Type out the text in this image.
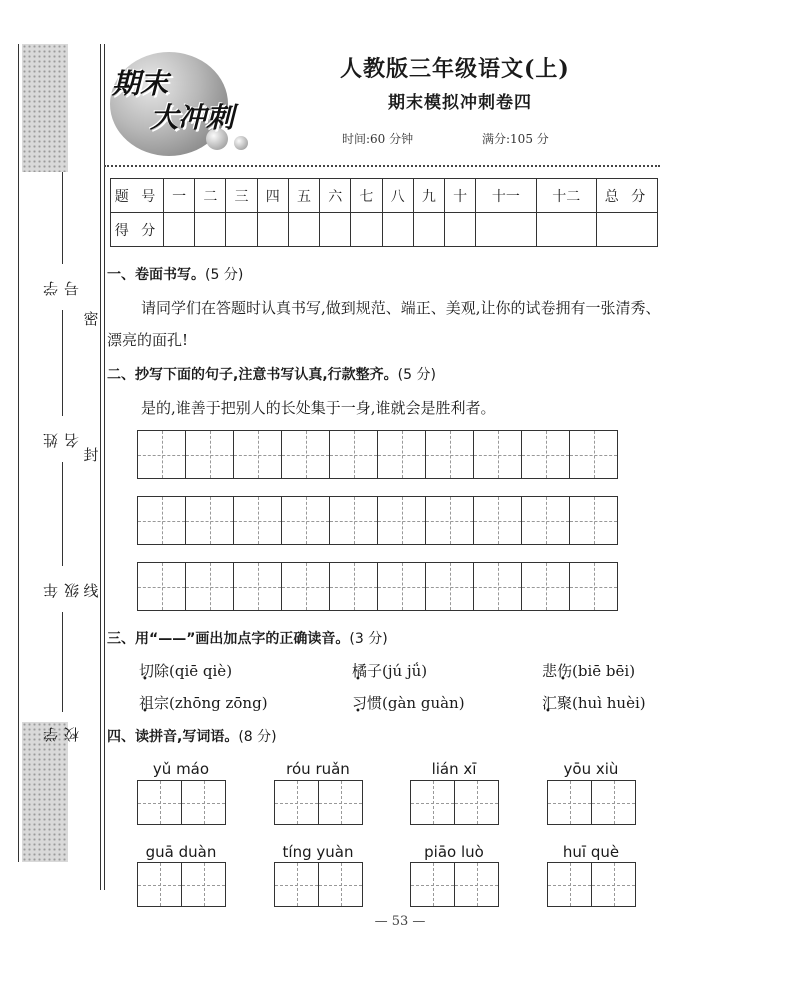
学号
姓名
年级
学校
密
封
线
期末
大冲刺
人教版三年级语文(上)
期末模拟冲刺卷四
时间:60 分钟	满分:105 分
题 号	一	二	三	四	五	六	七	八	九	十	十一	十二	总 分
得 分													
一、卷面书写。(5 分)
请同学们在答题时认真书写,做到规范、端正、美观,让你的试卷拥有一张清秀、
漂亮的面孔!
二、抄写下面的句子,注意书写认真,行款整齐。(5 分)
是的,谁善于把别人的长处集于一身,谁就会是胜利者。
三、用“——”画出加点字的正确读音。(3 分)
切除(qiē qiè)	橘子(jú jǘ)	悲伤(biē bēi)
祖宗(zhōng zōng)	习惯(gàn guàn)	汇聚(huì huèi)
四、读拼音,写词语。(8 分)
yǔ máo	róu ruǎn	lián xī	yōu xiù
guā duàn	tíng yuàn	piāo luò	huī què
— 53 —
